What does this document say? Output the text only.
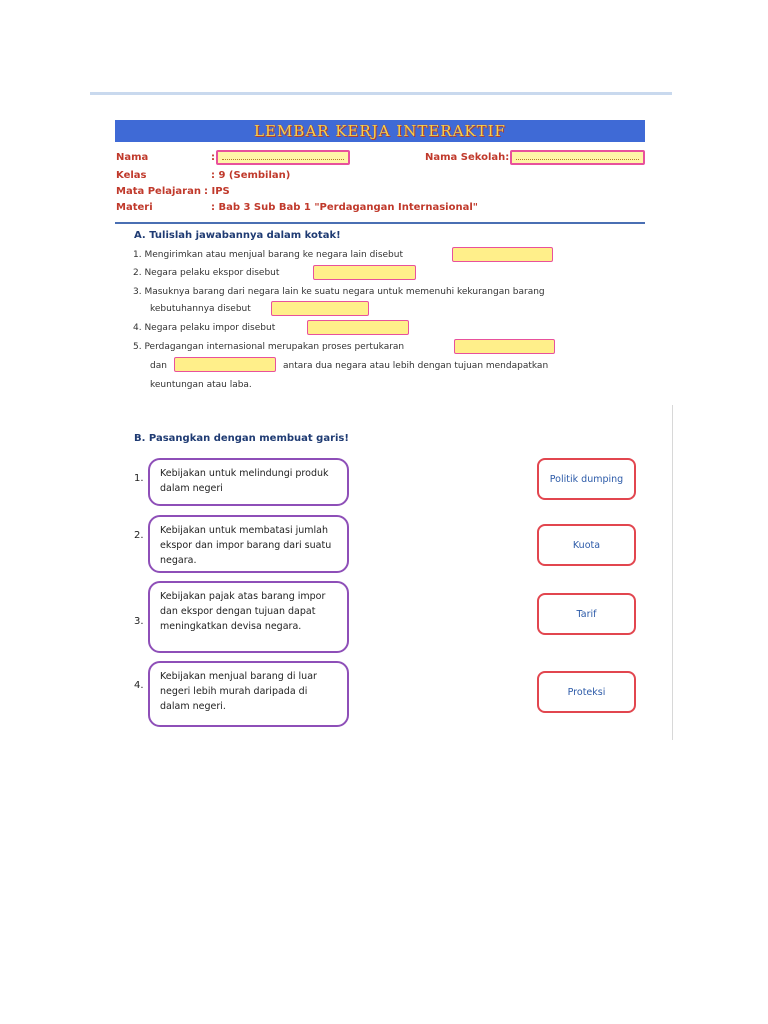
LEMBAR KERJA INTERAKTIF
Nama	:	Nama Sekolah:
Kelas	: 9 (Sembilan)
Mata Pelajaran : IPS
Materi	: Bab 3 Sub Bab 1 "Perdagangan Internasional"
A. Tulislah jawabannya dalam kotak!
1. Mengirimkan atau menjual barang ke negara lain disebut
2. Negara pelaku ekspor disebut
3. Masuknya barang dari negara lain ke suatu negara untuk memenuhi kekurangan barang
kebutuhannya disebut
4. Negara pelaku impor disebut
5. Perdagangan internasional merupakan proses pertukaran
dan	antara dua negara atau lebih dengan tujuan mendapatkan
keuntungan atau laba.
B. Pasangkan dengan membuat garis!
1.	Kebijakan untuk melindungi produk dalam negeri
Politik dumping
2.	Kebijakan untuk membatasi jumlah ekspor dan impor barang dari suatu negara.
Kuota
3.
Kebijakan pajak atas barang impor dan ekspor dengan tujuan dapat meningkatkan devisa negara.
Tarif
4.
Kebijakan menjual barang di luar negeri lebih murah daripada di dalam negeri.
Proteksi
